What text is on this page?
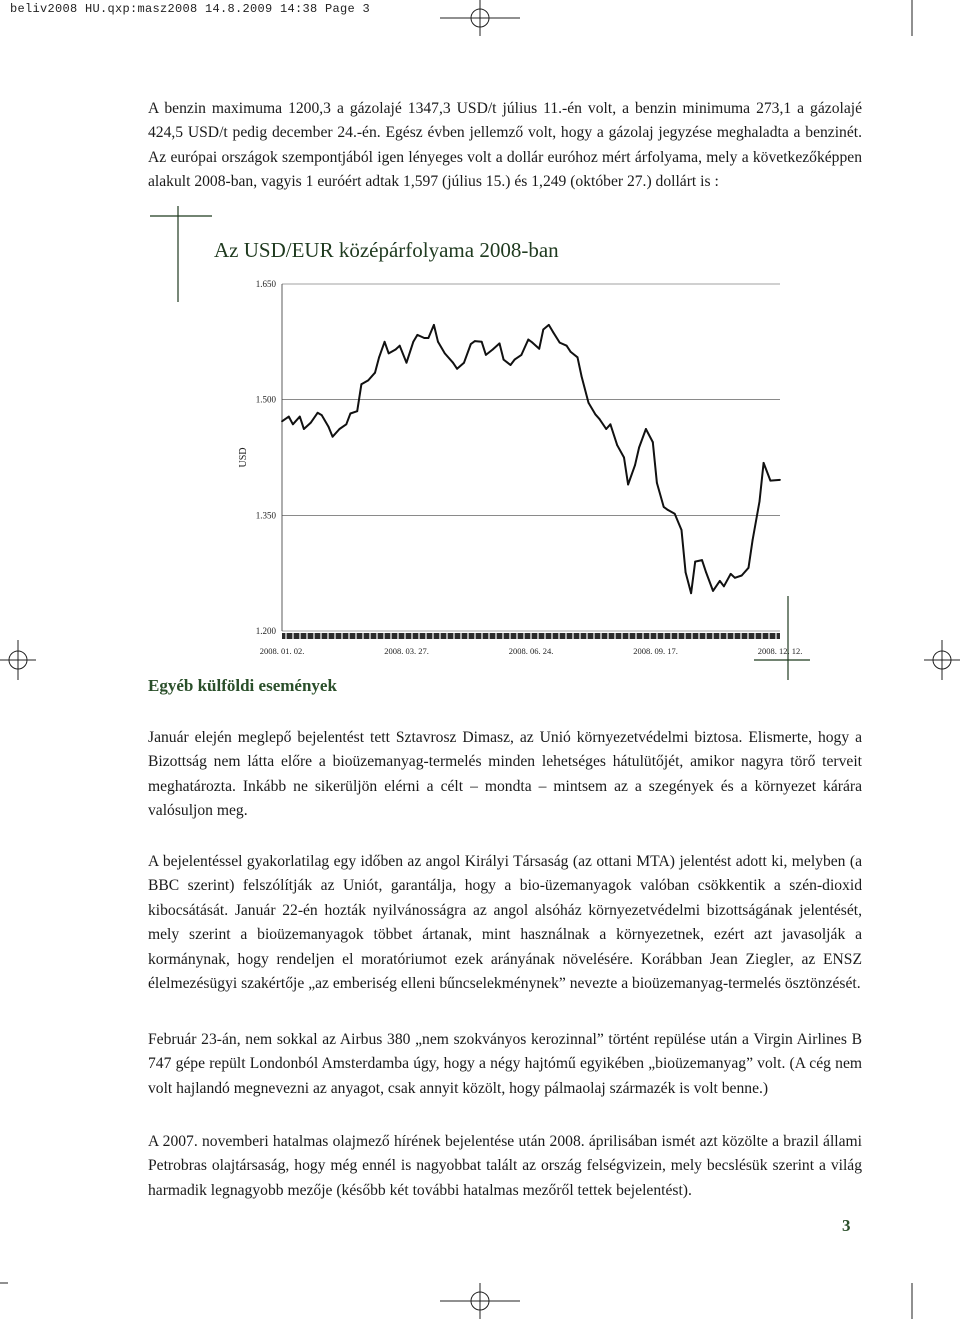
beliv2008 HU.qxp:masz2008 14.8.2009 14:38 Page 3

A benzin maximuma 1200,3 a gázolajé 1347,3 USD/t július 11.-én volt, a benzin minimuma 273,1 a gázolajé 424,5 USD/t pedig december 24.-én. Egész évben jellemző volt, hogy a gázolaj jegyzése meghaladta a benzinét. Az európai országok szempontjából igen lényeges volt a dollár euróhoz mért árfolyama, mely a következőképpen alakult 2008-ban, vagyis 1 euróért adtak 1,597 (július 15.) és 1,249 (október 27.) dollárt is :

Az USD/EUR középárfolyama 2008-ban
1.650
1.500
1.350
1.200
USD
2008. 01. 02.	2008. 03. 27.	2008. 06. 24.	2008. 09. 17.	2008. 12. 12.
Egyéb külföldi események

Január elején meglepő bejelentést tett Sztavrosz Dimasz, az Unió környezetvédelmi biztosa. Elismerte, hogy a Bizottság nem látta előre a bioüzemanyag-termelés minden lehetséges hátulütőjét, amikor nagyra törő terveit meghatározta. Inkább ne sikerüljön elérni a célt – mondta – mintsem az a szegények és a környezet kárára valósuljon meg.

A bejelentéssel gyakorlatilag egy időben az angol Királyi Társaság (az ottani MTA) jelentést adott ki, melyben (a BBC szerint) felszólítják az Uniót, garantálja, hogy a bio-üzemanyagok valóban csökkentik a szén-dioxid kibocsátását. Január 22-én hozták nyilvánosságra az angol alsóház környezetvédelmi bizottságának jelentését, mely szerint a bioüzemanyagok többet ártanak, mint használnak a környezetnek, ezért azt javasolják a kormánynak, hogy rendeljen el moratóriumot ezek arányának növelésére. Korábban Jean Ziegler, az ENSZ élelmezésügyi szakértője „az emberiség elleni bűncselekménynek” nevezte a bioüzemanyag-termelés ösztönzését.

Február 23-án, nem sokkal az Airbus 380 „nem szokványos kerozinnal” történt repülése után a Virgin Airlines B 747 gépe repült Londonból Amsterdamba úgy, hogy a négy hajtómű egyikében „bioüzemanyag” volt. (A cég nem volt hajlandó megnevezni az anyagot, csak annyit közölt, hogy pálmaolaj származék is volt benne.)

A 2007. novemberi hatalmas olajmező hírének bejelentése után 2008. áprilisában ismét azt közölte a brazil állami Petrobras olajtársaság, hogy még ennél is nagyobbat talált az ország felségvizein, mely becslésük szerint a világ harmadik legnagyobb mezője (később két további hatalmas mezőről tettek bejelentést).

3
